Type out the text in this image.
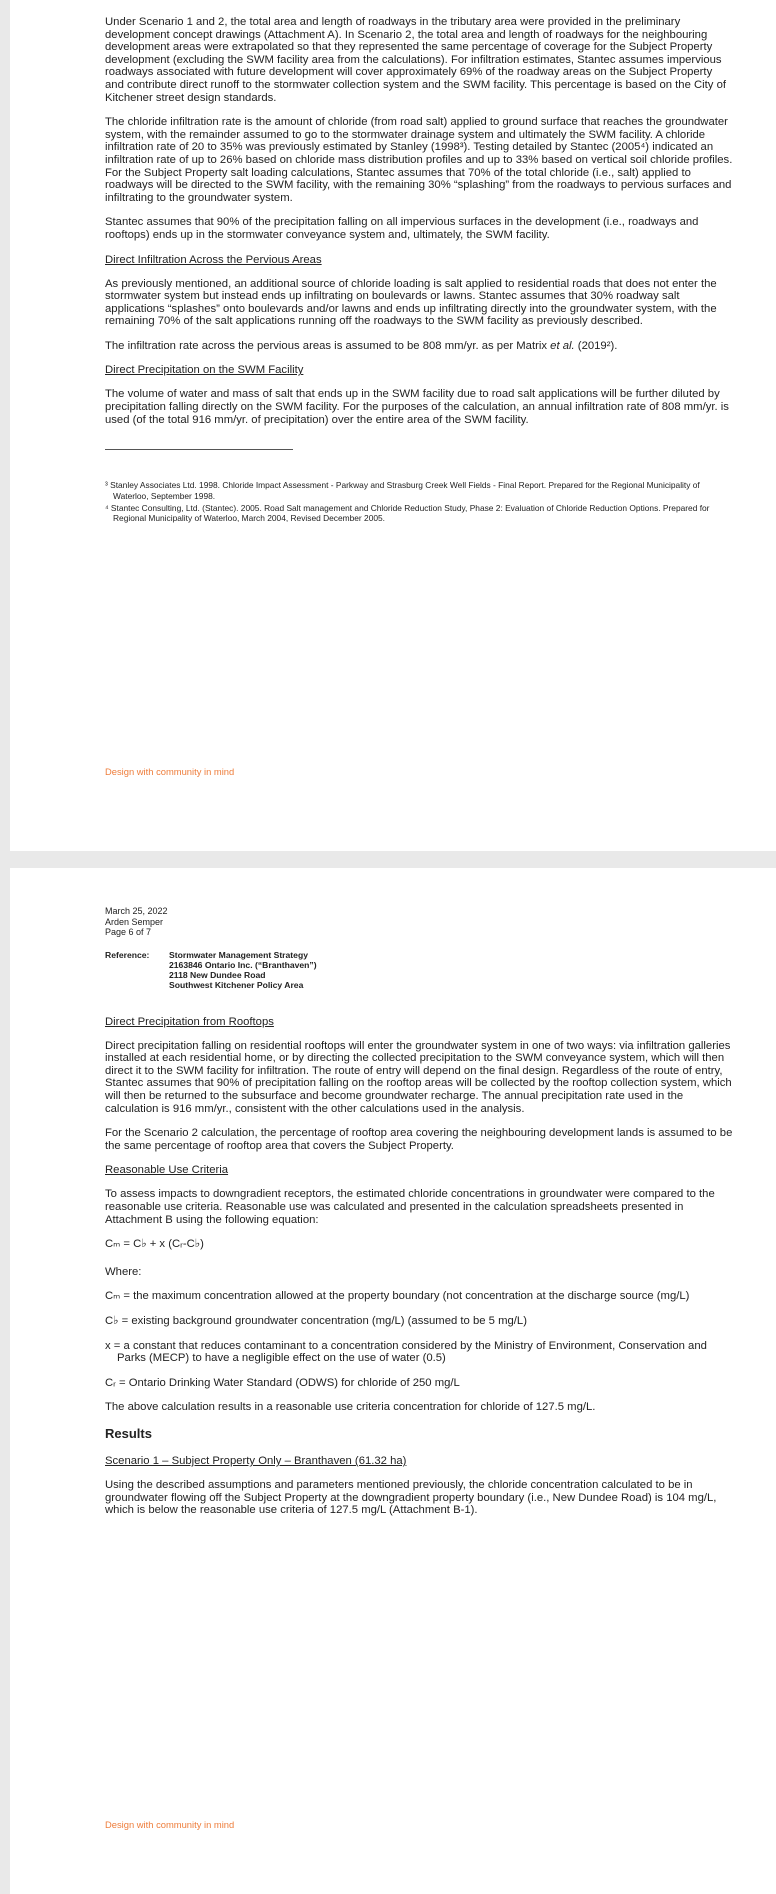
Under Scenario 1 and 2, the total area and length of roadways in the tributary area were provided in the preliminary development concept drawings (Attachment A). In Scenario 2, the total area and length of roadways for the neighbouring development areas were extrapolated so that they represented the same percentage of coverage for the Subject Property development (excluding the SWM facility area from the calculations). For infiltration estimates, Stantec assumes impervious roadways associated with future development will cover approximately 69% of the roadway areas on the Subject Property and contribute direct runoff to the stormwater collection system and the SWM facility. This percentage is based on the City of Kitchener street design standards.

The chloride infiltration rate is the amount of chloride (from road salt) applied to ground surface that reaches the groundwater system, with the remainder assumed to go to the stormwater drainage system and ultimately the SWM facility. A chloride infiltration rate of 20 to 35% was previously estimated by Stanley (1998³). Testing detailed by Stantec (2005⁴) indicated an infiltration rate of up to 26% based on chloride mass distribution profiles and up to 33% based on vertical soil chloride profiles. For the Subject Property salt loading calculations, Stantec assumes that 70% of the total chloride (i.e., salt) applied to roadways will be directed to the SWM facility, with the remaining 30% “splashing” from the roadways to pervious surfaces and infiltrating to the groundwater system.

Stantec assumes that 90% of the precipitation falling on all impervious surfaces in the development (i.e., roadways and rooftops) ends up in the stormwater conveyance system and, ultimately, the SWM facility.

Direct Infiltration Across the Pervious Areas

As previously mentioned, an additional source of chloride loading is salt applied to residential roads that does not enter the stormwater system but instead ends up infiltrating on boulevards or lawns. Stantec assumes that 30% roadway salt applications “splashes” onto boulevards and/or lawns and ends up infiltrating directly into the groundwater system, with the remaining 70% of the salt applications running off the roadways to the SWM facility as previously described.

The infiltration rate across the pervious areas is assumed to be 808 mm/yr. as per Matrix et al. (2019²).

Direct Precipitation on the SWM Facility

The volume of water and mass of salt that ends up in the SWM facility due to road salt applications will be further diluted by precipitation falling directly on the SWM facility. For the purposes of the calculation, an annual infiltration rate of 808 mm/yr. is used (of the total 916 mm/yr. of precipitation) over the entire area of the SWM facility.

³ Stanley Associates Ltd. 1998. Chloride Impact Assessment - Parkway and Strasburg Creek Well Fields - Final Report. Prepared for the Regional Municipality of Waterloo, September 1998.
⁴ Stantec Consulting, Ltd. (Stantec). 2005. Road Salt management and Chloride Reduction Study, Phase 2: Evaluation of Chloride Reduction Options. Prepared for Regional Municipality of Waterloo, March 2004, Revised December 2005.
Design with community in mind
March 25, 2022
Arden Semper
Page 6 of 7
Reference:	Stormwater Management Strategy
2163846 Ontario Inc. (“Branthaven”)
2118 New Dundee Road
Southwest Kitchener Policy Area
Direct Precipitation from Rooftops

Direct precipitation falling on residential rooftops will enter the groundwater system in one of two ways: via infiltration galleries installed at each residential home, or by directing the collected precipitation to the SWM conveyance system, which will then direct it to the SWM facility for infiltration. The route of entry will depend on the final design. Regardless of the route of entry, Stantec assumes that 90% of precipitation falling on the rooftop areas will be collected by the rooftop collection system, which will then be returned to the subsurface and become groundwater recharge. The annual precipitation rate used in the calculation is 916 mm/yr., consistent with the other calculations used in the analysis.

For the Scenario 2 calculation, the percentage of rooftop area covering the neighbouring development lands is assumed to be the same percentage of rooftop area that covers the Subject Property.

Reasonable Use Criteria

To assess impacts to downgradient receptors, the estimated chloride concentrations in groundwater were compared to the reasonable use criteria. Reasonable use was calculated and presented in the calculation spreadsheets presented in Attachment B using the following equation:

Cₘ = C♭ + x (Cᵣ-C♭)

Where:

Cₘ = the maximum concentration allowed at the property boundary (not concentration at the discharge source (mg/L)

C♭ = existing background groundwater concentration (mg/L) (assumed to be 5 mg/L)

x = a constant that reduces contaminant to a concentration considered by the Ministry of Environment, Conservation and Parks (MECP) to have a negligible effect on the use of water (0.5)

Cᵣ = Ontario Drinking Water Standard (ODWS) for chloride of 250 mg/L

The above calculation results in a reasonable use criteria concentration for chloride of 127.5 mg/L.

Results
Scenario 1 – Subject Property Only – Branthaven (61.32 ha)

Using the described assumptions and parameters mentioned previously, the chloride concentration calculated to be in groundwater flowing off the Subject Property at the downgradient property boundary (i.e., New Dundee Road) is 104 mg/L, which is below the reasonable use criteria of 127.5 mg/L (Attachment B-1).

Design with community in mind
